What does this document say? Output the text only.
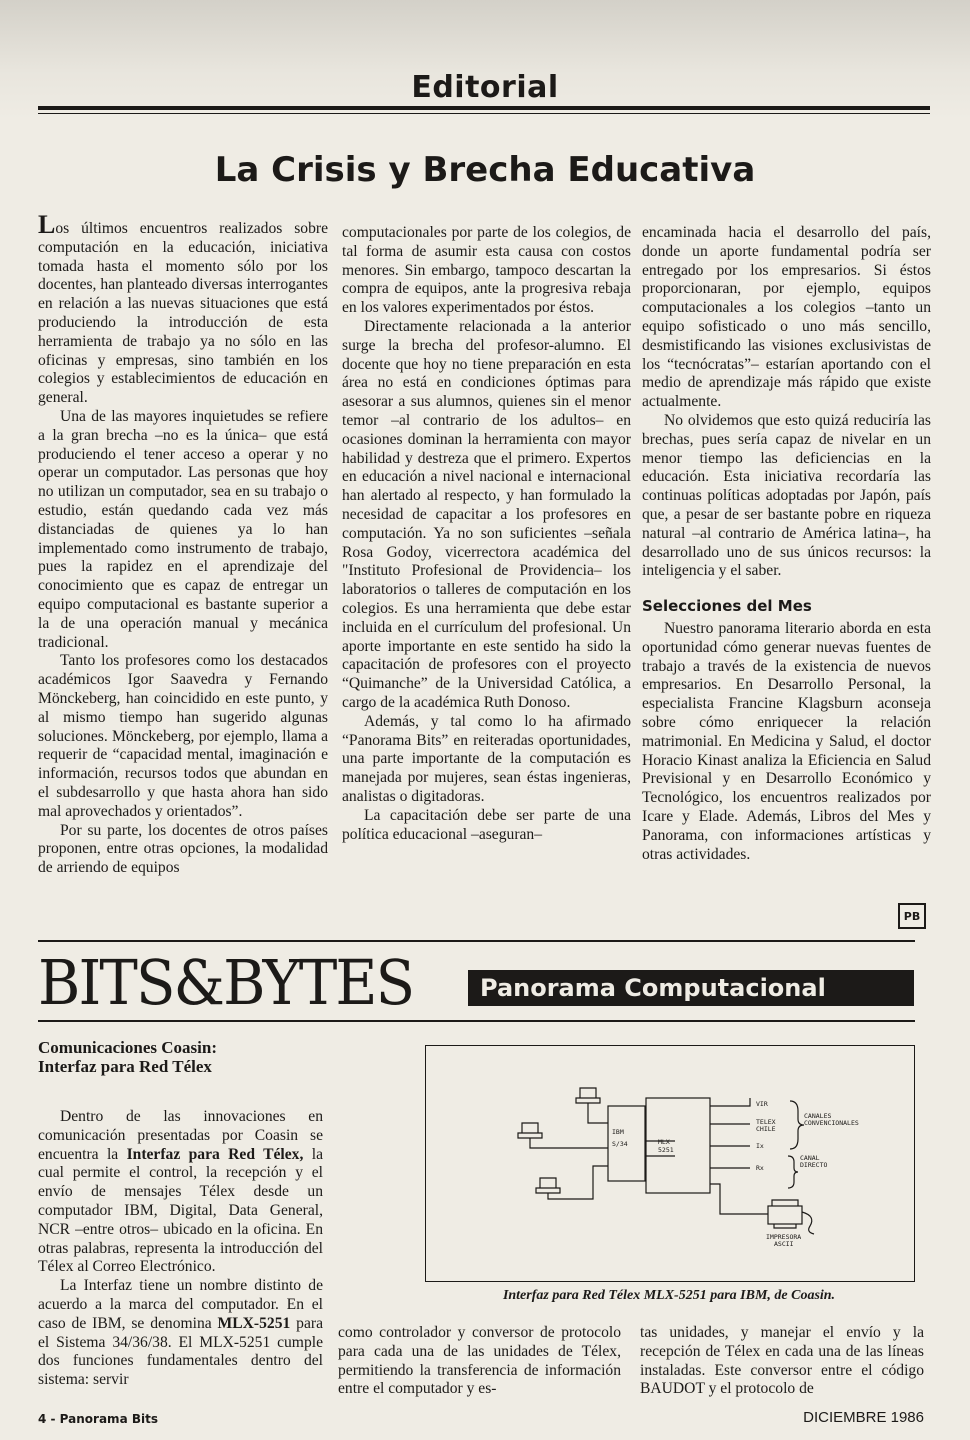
Editorial
La Crisis y Brecha Educativa

Los últimos encuentros realizados sobre computación en la educación, iniciativa tomada hasta el momento sólo por los docentes, han planteado diversas interrogantes en relación a las nuevas situaciones que está produciendo la introducción de esta herramienta de trabajo ya no sólo en las oficinas y empresas, sino también en los colegios y establecimientos de educación en general.

Una de las mayores inquietudes se refiere a la gran brecha –no es la única– que está produciendo el tener acceso a operar y no operar un computador. Las personas que hoy no utilizan un computador, sea en su trabajo o estudio, están quedando cada vez más distanciadas de quienes ya lo han implementado como instrumento de trabajo, pues la rapidez en el aprendizaje del conocimiento que es capaz de entregar un equipo computacional es bastante superior a la de una operación manual y mecánica tradicional.

Tanto los profesores como los destacados académicos Igor Saavedra y Fernando Mönckeberg, han coincidido en este punto, y al mismo tiempo han sugerido algunas soluciones. Mönckeberg, por ejemplo, llama a requerir de “capacidad mental, imaginación e información, recursos todos que abundan en el subdesarrollo y que hasta ahora han sido mal aprovechados y orientados”.

Por su parte, los docentes de otros países proponen, entre otras opciones, la modalidad de arriendo de equipos

computacionales por parte de los colegios, de tal forma de asumir esta causa con costos menores. Sin embargo, tampoco descartan la compra de equipos, ante la progresiva rebaja en los valores experimentados por éstos.

Directamente relacionada a la anterior surge la brecha del profesor-alumno. El docente que hoy no tiene preparación en esta área no está en condiciones óptimas para asesorar a sus alumnos, quienes sin el menor temor –al contrario de los adultos– en ocasiones dominan la herramienta con mayor habilidad y destreza que el primero. Expertos en educación a nivel nacional e internacional han alertado al respecto, y han formulado la necesidad de capacitar a los profesores en computación. Ya no son suficientes –señala Rosa Godoy, vicerrectora académica del "Instituto Profesional de Providencia– los laboratorios o talleres de computación en los colegios. Es una herramienta que debe estar incluida en el currículum del profesional. Un aporte importante en este sentido ha sido la capacitación de profesores con el proyecto “Quimanche” de la Universidad Católica, a cargo de la académica Ruth Donoso.

Además, y tal como lo ha afirmado “Panorama Bits” en reiteradas oportunidades, una parte importante de la computación es manejada por mujeres, sean éstas ingenieras, analistas o digitadoras.

La capacitación debe ser parte de una política educacional –aseguran–

encaminada hacia el desarrollo del país, donde un aporte fundamental podría ser entregado por los empresarios. Si éstos proporcionaran, por ejemplo, equipos computacionales a los colegios –tanto un equipo sofisticado o uno más sencillo, desmistificando las visiones exclusivistas de los “tecnócratas”– estarían aportando con el medio de aprendizaje más rápido que existe actualmente.

No olvidemos que esto quizá reduciría las brechas, pues sería capaz de nivelar en un menor tiempo las deficiencias en la educación. Esta iniciativa recordaría las continuas políticas adoptadas por Japón, país que, a pesar de ser bastante pobre en riqueza natural –al contrario de América latina–, ha desarrollado uno de sus únicos recursos: la inteligencia y el saber.

Selecciones del Mes

Nuestro panorama literario aborda en esta oportunidad cómo generar nuevas fuentes de trabajo a través de la existencia de nuevos empresarios. En Desarrollo Personal, la especialista Francine Klagsburn aconseja sobre cómo enriquecer la relación matrimonial. En Medicina y Salud, el doctor Horacio Kinast analiza la Eficiencia en Salud Previsional y en Desarrollo Económico y Tecnológico, los encuentros realizados por Icare y Elade. Además, Libros del Mes y Panorama, con informaciones artísticas y otras actividades.

PB
BITS&BYTES	Panorama Computacional
Comunicaciones Coasin:
Interfaz para Red Télex

Dentro de las innovaciones en comunicación presentadas por Coasin se encuentra la Interfaz para Red Télex, la cual permite el control, la recepción y el envío de mensajes Télex desde un computador IBM, Digital, Data General, NCR –entre otros– ubicado en la oficina. En otras palabras, representa la introducción del Télex al Correo Electrónico.

La Interfaz tiene un nombre distinto de acuerdo a la marca del computador. En el caso de IBM, se denomina MLX-5251 para el Sistema 34/36/38. El MLX-5251 cumple dos funciones fundamentales dentro del sistema: servir

IBM
S/34	MLX
5251
VIR
TELEX
CHILE
Ix
Rx
CANALES
CONVENCIONALES
CANAL
DIRECTO
IMPRESORA
ASCII
Interfaz para Red Télex MLX-5251 para IBM, de Coasin.

como controlador y conversor de protocolo para cada una de las unidades de Télex, permitiendo la transferencia de información entre el computador y es-

tas unidades, y manejar el envío y la recepción de Télex en cada una de las líneas instaladas. Este conversor entre el código BAUDOT y el protocolo de

4 - Panorama Bits	DICIEMBRE 1986
